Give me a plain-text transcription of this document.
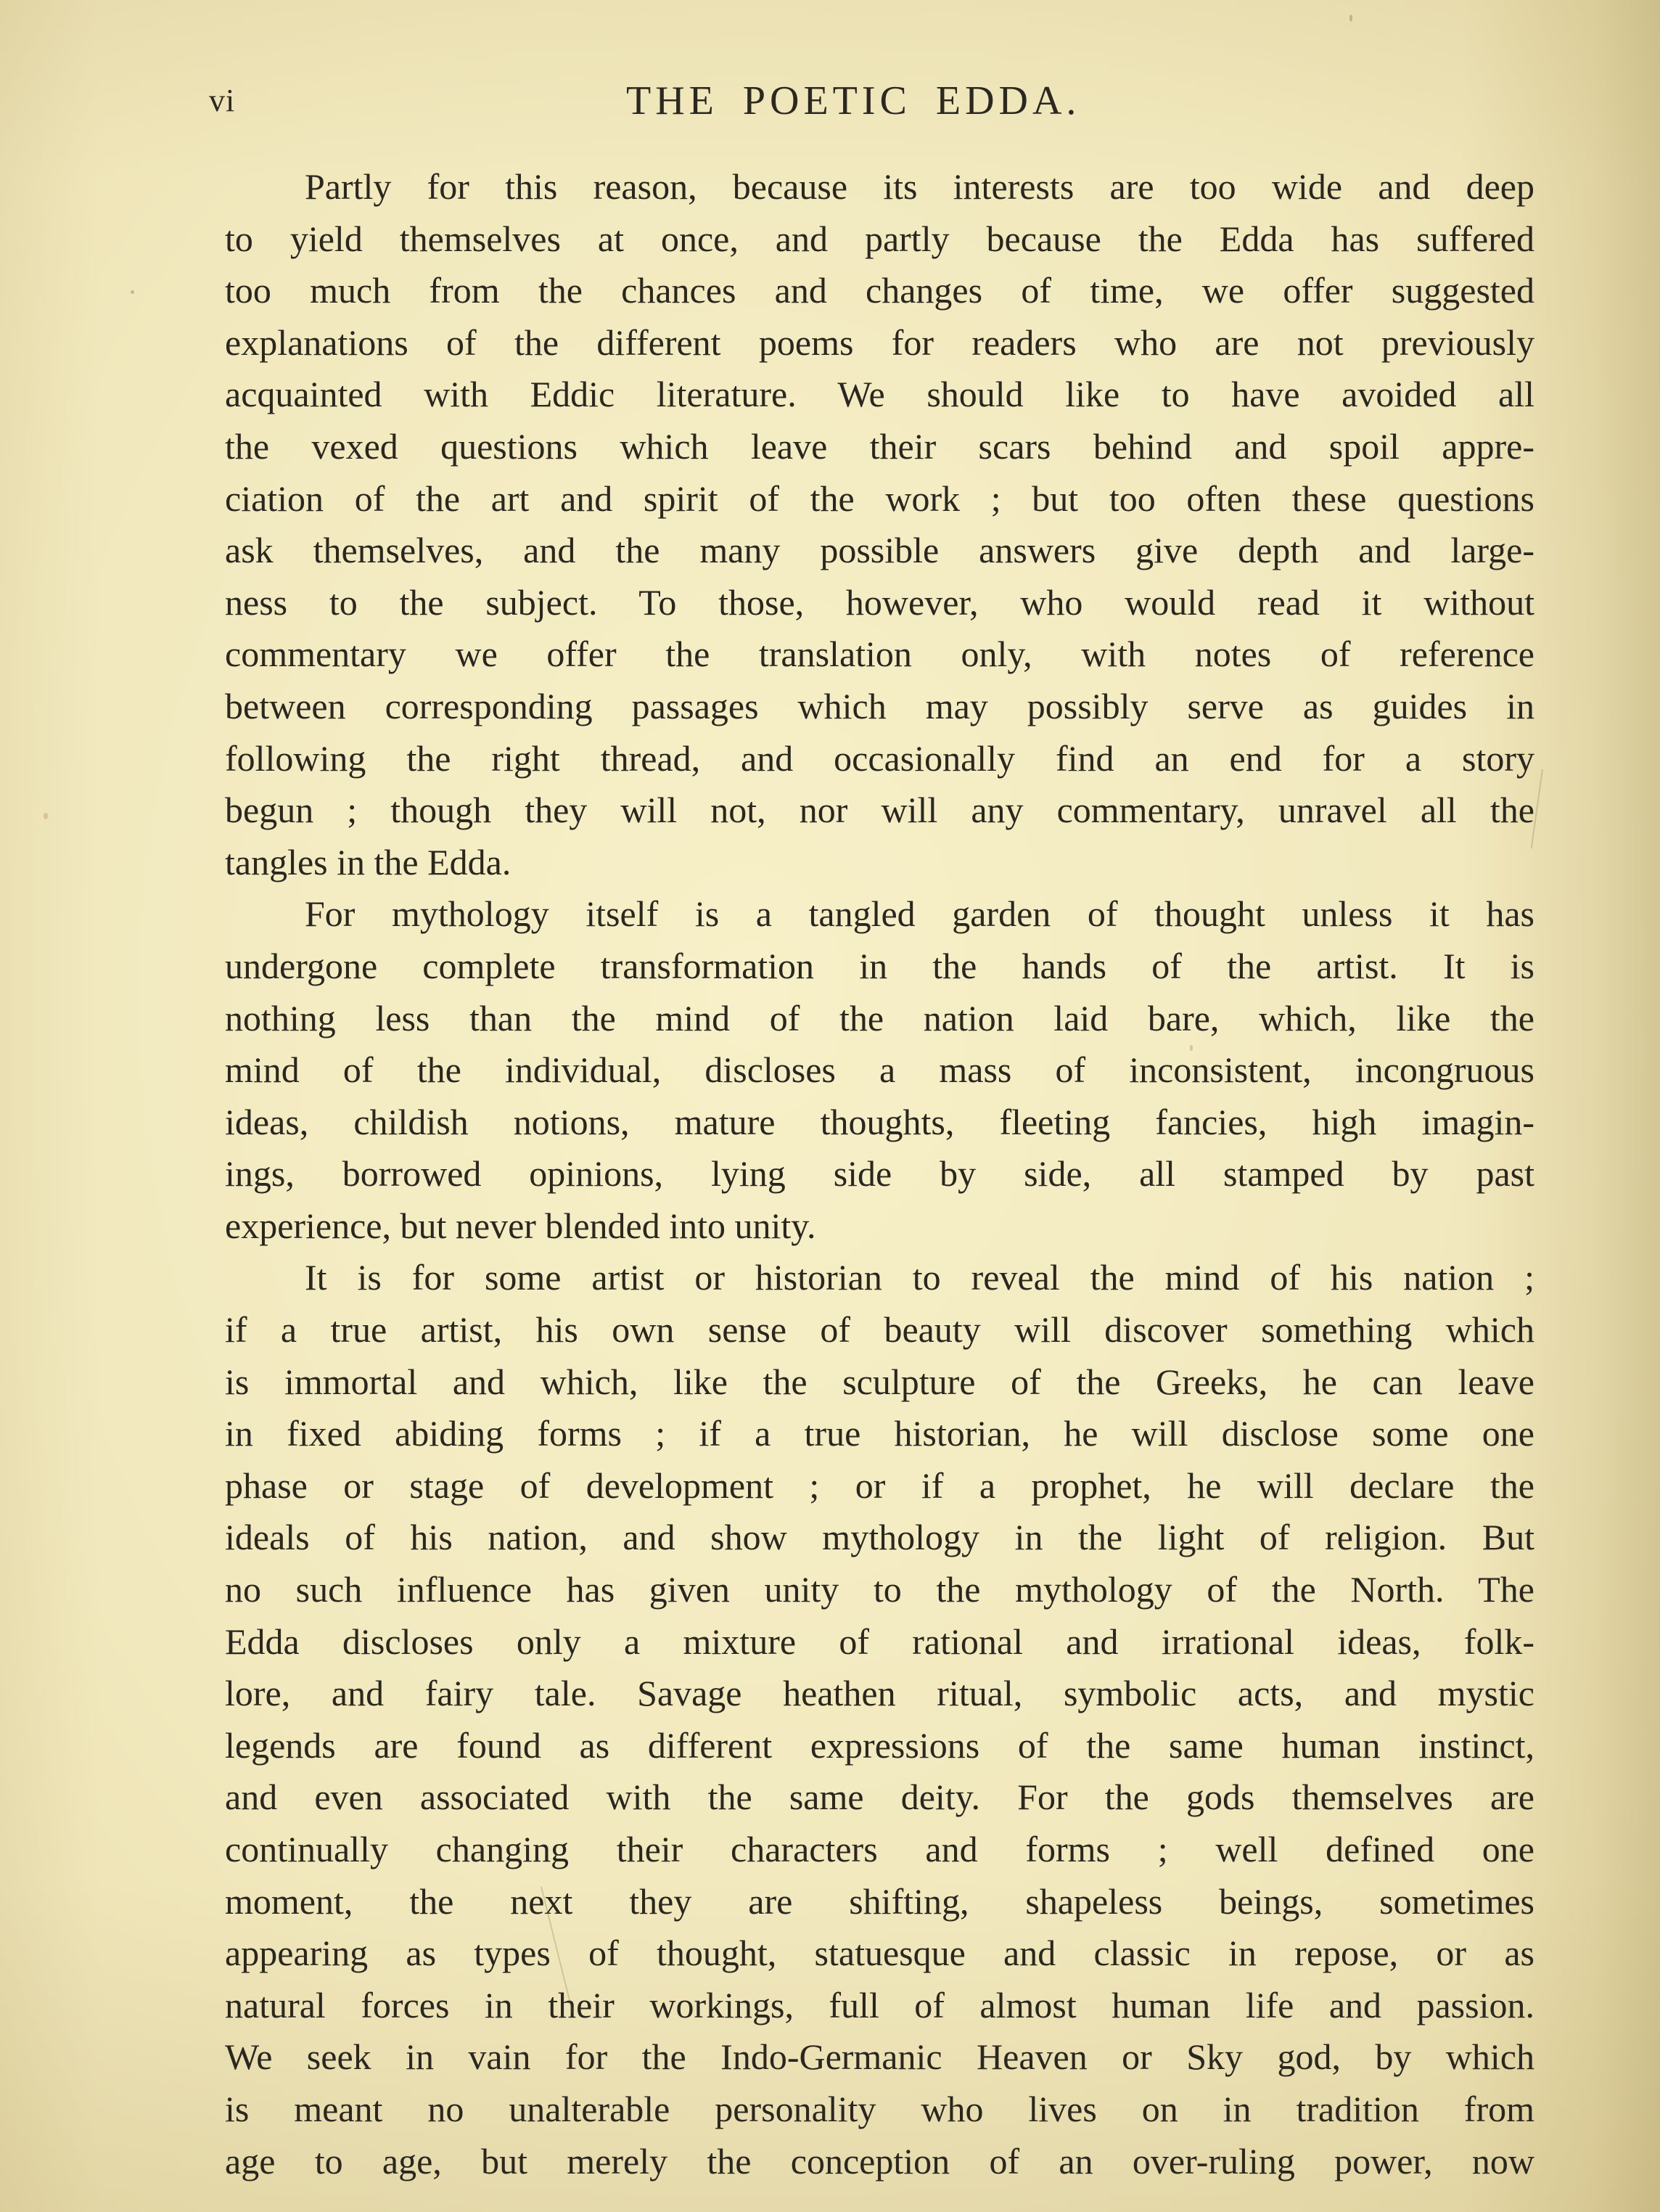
vi	THE POETIC EDDA.
Partly for this reason, because its interests are too wide and deep
to yield themselves at once, and partly because the Edda has suffered
too much from the chances and changes of time, we offer suggested
explanations of the different poems for readers who are not previously
acquainted with Eddic literature. We should like to have avoided all
the vexed questions which leave their scars behind and spoil appre-
ciation of the art and spirit of the work ; but too often these questions
ask themselves, and the many possible answers give depth and large-
ness to the subject. To those, however, who would read it without
commentary we offer the translation only, with notes of reference
between corresponding passages which may possibly serve as guides in
following the right thread, and occasionally find an end for a story
begun ; though they will not, nor will any commentary, unravel all the
tangles in the Edda.
For mythology itself is a tangled garden of thought unless it has
undergone complete transformation in the hands of the artist. It is
nothing less than the mind of the nation laid bare, which, like the
mind of the individual, discloses a mass of inconsistent, incongruous
ideas, childish notions, mature thoughts, fleeting fancies, high imagin-
ings, borrowed opinions, lying side by side, all stamped by past
experience, but never blended into unity.
It is for some artist or historian to reveal the mind of his nation ;
if a true artist, his own sense of beauty will discover something which
is immortal and which, like the sculpture of the Greeks, he can leave
in fixed abiding forms ; if a true historian, he will disclose some one
phase or stage of development ; or if a prophet, he will declare the
ideals of his nation, and show mythology in the light of religion. But
no such influence has given unity to the mythology of the North. The
Edda discloses only a mixture of rational and irrational ideas, folk-
lore, and fairy tale. Savage heathen ritual, symbolic acts, and mystic
legends are found as different expressions of the same human instinct,
and even associated with the same deity. For the gods themselves are
continually changing their characters and forms ; well defined one
moment, the next they are shifting, shapeless beings, sometimes
appearing as types of thought, statuesque and classic in repose, or as
natural forces in their workings, full of almost human life and passion.
We seek in vain for the Indo-Germanic Heaven or Sky god, by which
is meant no unalterable personality who lives on in tradition from
age to age, but merely the conception of an over-ruling power, now
